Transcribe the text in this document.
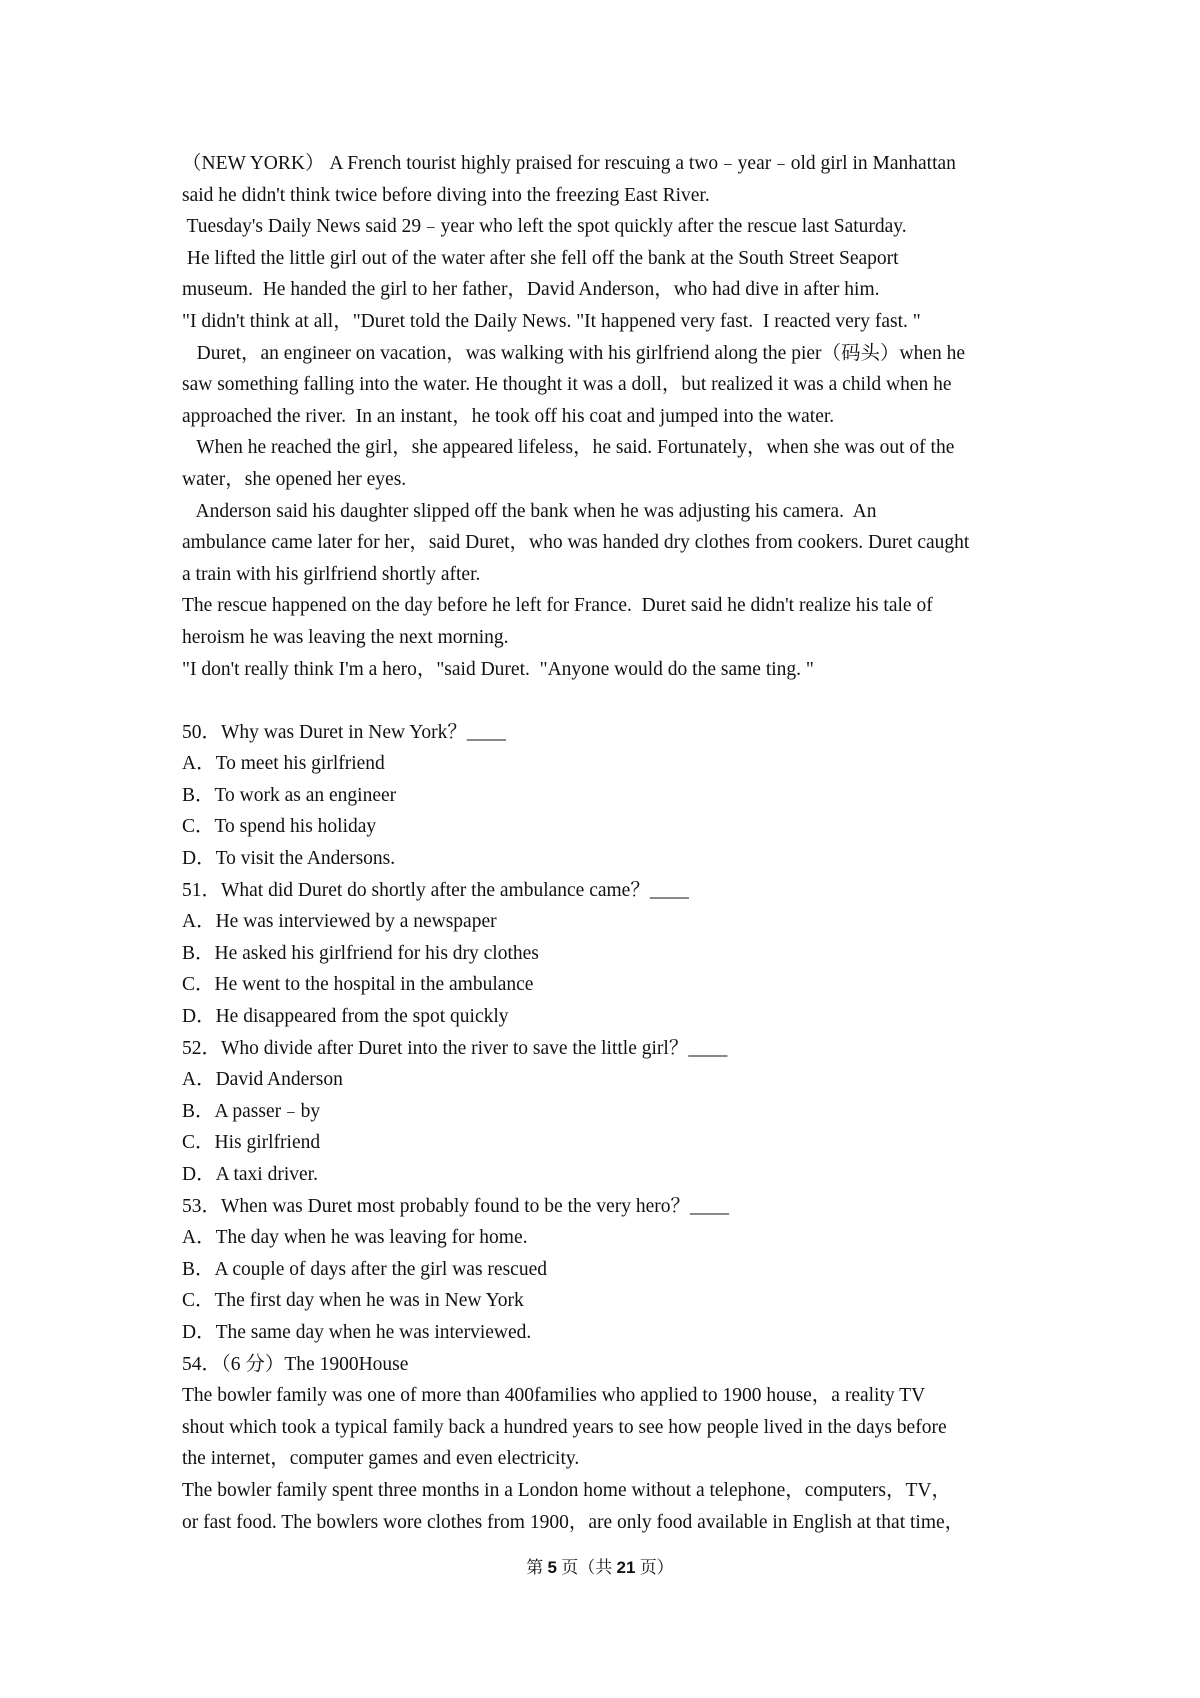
（NEW YORK） A French tourist highly praised for rescuing a two﹣year﹣old girl in Manhattan
said he didn't think twice before diving into the freezing East River.
Tuesday's Daily News said 29﹣year who left the spot quickly after the rescue last Saturday.
He lifted the little girl out of the water after she fell off the bank at the South Street Seaport
museum.  He handed the girl to her father，David Anderson，who had dive in after him.
"I didn't think at all，"Duret told the Daily News. "It happened very fast.  I reacted very fast. "
Duret，an engineer on vacation，was walking with his girlfriend along the pier（码头）when he
saw something falling into the water. He thought it was a doll，but realized it was a child when he
approached the river.  In an instant，he took off his coat and jumped into the water.
When he reached the girl，she appeared lifeless，he said. Fortunately，when she was out of the
water，she opened her eyes.
Anderson said his daughter slipped off the bank when he was adjusting his camera.  An
ambulance came later for her，said Duret，who was handed dry clothes from cookers. Duret caught
a train with his girlfriend shortly after.
The rescue happened on the day before he left for France.  Duret said he didn't realize his tale of
heroism he was leaving the next morning.
"I don't really think I'm a hero，"said Duret.  "Anyone would do the same ting. "
50．Why was Duret in New York？____
A．To meet his girlfriend
B．To work as an engineer
C．To spend his holiday
D．To visit the Andersons.
51．What did Duret do shortly after the ambulance came？____
A．He was interviewed by a newspaper
B．He asked his girlfriend for his dry clothes
C．He went to the hospital in the ambulance
D．He disappeared from the spot quickly
52．Who divide after Duret into the river to save the little girl？____
A．David Anderson
B．A passer﹣by
C．His girlfriend
D．A taxi driver.
53．When was Duret most probably found to be the very hero？____
A．The day when he was leaving for home.
B．A couple of days after the girl was rescued
C．The first day when he was in New York
D．The same day when he was interviewed.
54．（6 分）The 1900House
The bowler family was one of more than 400families who applied to 1900 house，a reality TV
shout which took a typical family back a hundred years to see how people lived in the days before
the internet，computer games and even electricity.
The bowler family spent three months in a London home without a telephone，computers，TV，
or fast food. The bowlers wore clothes from 1900，are only food available in English at that time，
第 5 页（共 21 页）
